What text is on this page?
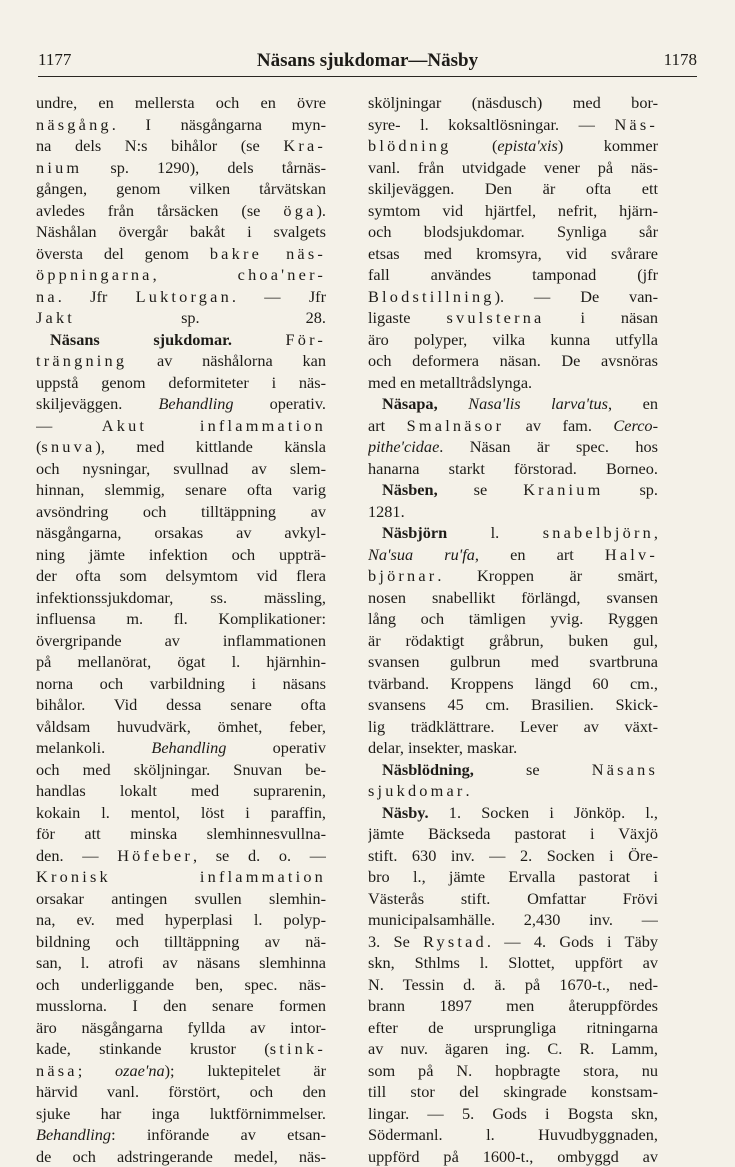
1177	Näsans sjukdomar—Näsby	1178
undre, en mellersta och en övre
näsgång. I näsgångarna myn-
na dels N:s bihålor (se Kra-
nium sp. 1290), dels tårnäs-
gången, genom vilken tårvätskan
avledes från tårsäcken (se öga).
Näshålan övergår bakåt i svalgets
översta del genom bakre näs-
öppningarna, choa'ner-
na. Jfr Luktorgan. — Jfr
Jakt sp. 28.
Näsans sjukdomar.	För-
trängning av näshålorna kan
uppstå genom deformiteter i näs-
skiljeväggen. Behandling operativ.
— Akut inflammation
(snuva), med kittlande känsla
och nysningar, svullnad av slem-
hinnan, slemmig, senare ofta varig
avsöndring och tilltäppning av
näsgångarna, orsakas av avkyl-
ning jämte infektion och uppträ-
der ofta som delsymtom vid flera
infektionssjukdomar, ss. mässling,
influensa m. fl. Komplikationer:
övergripande av inflammationen
på mellanörat, ögat l. hjärnhin-
norna och varbildning i näsans
bihålor. Vid dessa senare ofta
våldsam huvudvärk, ömhet, feber,
melankoli. Behandling operativ
och med sköljningar. Snuvan be-
handlas lokalt med suprarenin,
kokain l. mentol, löst i paraffin,
för att minska slemhinnesvullna-
den. — Höfeber, se d. o. —
Kronisk inflammation
orsakar antingen svullen slemhin-
na, ev. med hyperplasi l. polyp-
bildning och tilltäppning av nä-
san, l. atrofi av näsans slemhinna
och underliggande ben, spec. näs-
musslorna. I den senare formen
äro näsgångarna fyllda av intor-
kade, stinkande krustor (stink-
näsa; ozae'na); luktepitelet är
härvid vanl. förstört, och den
sjuke har inga luktförnimmelser.
Behandling: införande av etsan-
de och adstringerande medel, näs-
sköljningar (näsdusch) med bor-
syre- l. koksaltlösningar. — Näs-
blödning (epista'xis) kommer
vanl. från utvidgade vener på näs-
skiljeväggen. Den är ofta ett
symtom vid hjärtfel, nefrit, hjärn-
och blodsjukdomar. Synliga sår
etsas med kromsyra, vid svårare
fall användes tamponad (jfr
Blodstillning). — De van-
ligaste svulsterna i näsan
äro polyper, vilka kunna utfylla
och deformera näsan. De avsnöras
med en metalltrådslynga.
Näsapa, Nasa'lis larva'tus, en
art Smalnäsor av fam. Cerco-
pithe'cidae. Näsan är spec. hos
hanarna starkt förstorad. Borneo.
Näsben, se Kranium sp.
1281.
Näsbjörn l. snabelbjörn,
Na'sua ru'fa, en art Halv-
björnar. Kroppen är smärt,
nosen snabellikt förlängd, svansen
lång och tämligen yvig. Ryggen
är rödaktigt gråbrun, buken gul,
svansen gulbrun med svartbruna
tvärband. Kroppens längd 60 cm.,
svansens 45 cm. Brasilien. Skick-
lig trädklättrare. Lever av växt-
delar, insekter, maskar.
Näsblödning, se Näsans
sjukdomar.
Näsby. 1. Socken i Jönköp. l.,
jämte Bäckseda pastorat i Växjö
stift. 630 inv. — 2. Socken i Öre-
bro l., jämte Ervalla pastorat i
Västerås stift. Omfattar Frövi
municipalsamhälle. 2,430 inv. —
3. Se Rystad. — 4. Gods i Täby
skn, Sthlms l. Slottet, uppfört av
N. Tessin d. ä. på 1670-t., ned-
brann 1897 men återuppfördes
efter de ursprungliga ritningarna
av nuv. ägaren ing. C. R. Lamm,
som på N. hopbragte stora, nu
till stor del skingrade konstsam-
lingar. — 5. Gods i Bogsta skn,
Södermanl. l. Huvudbyggnaden,
uppförd på 1600-t., ombyggd av
